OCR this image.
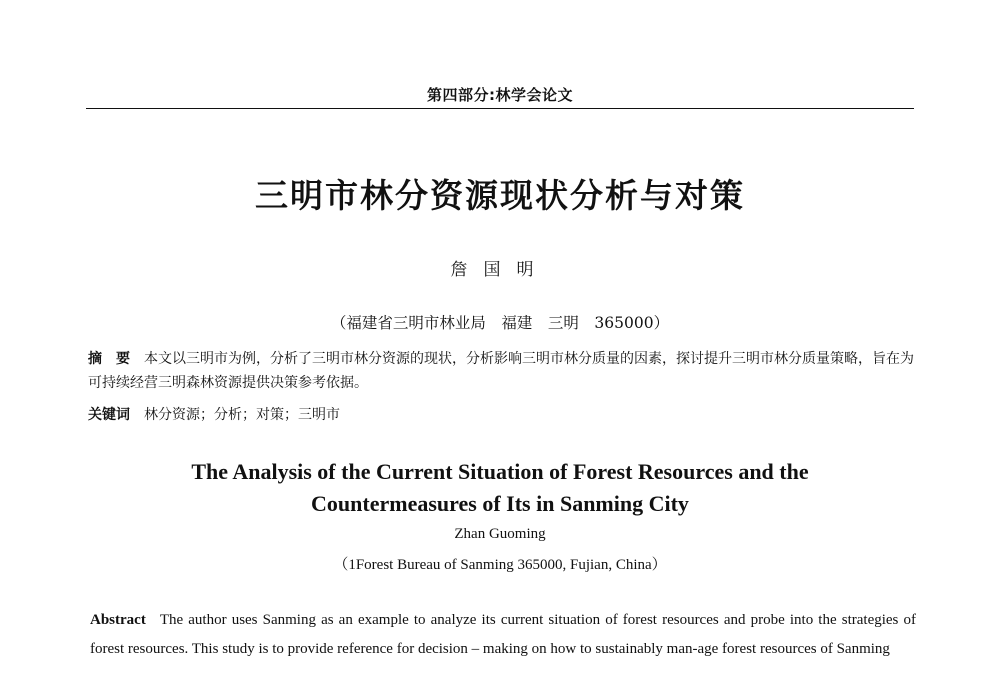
第四部分:林学会论文
三明市林分资源现状分析与对策
詹国明
（福建省三明市林业局　福建　三明　365000）
摘　要 本文以三明市为例，分析了三明市林分资源的现状，分析影响三明市林分质量的因素，探讨提升三明市林分质量策略，旨在为可持续经营三明森林资源提供决策参考依据。
关键词 林分资源；分析；对策；三明市
The Analysis of the Current Situation of Forest Resources and the
Countermeasures of Its in Sanming City
Zhan Guoming
（1Forest Bureau of Sanming 365000, Fujian, China）
Abstract The author uses Sanming as an example to analyze its current situation of forest resources and probe into the strategies of forest resources. This study is to provide reference for decision – making on how to sustainably man-age forest resources of Sanming
